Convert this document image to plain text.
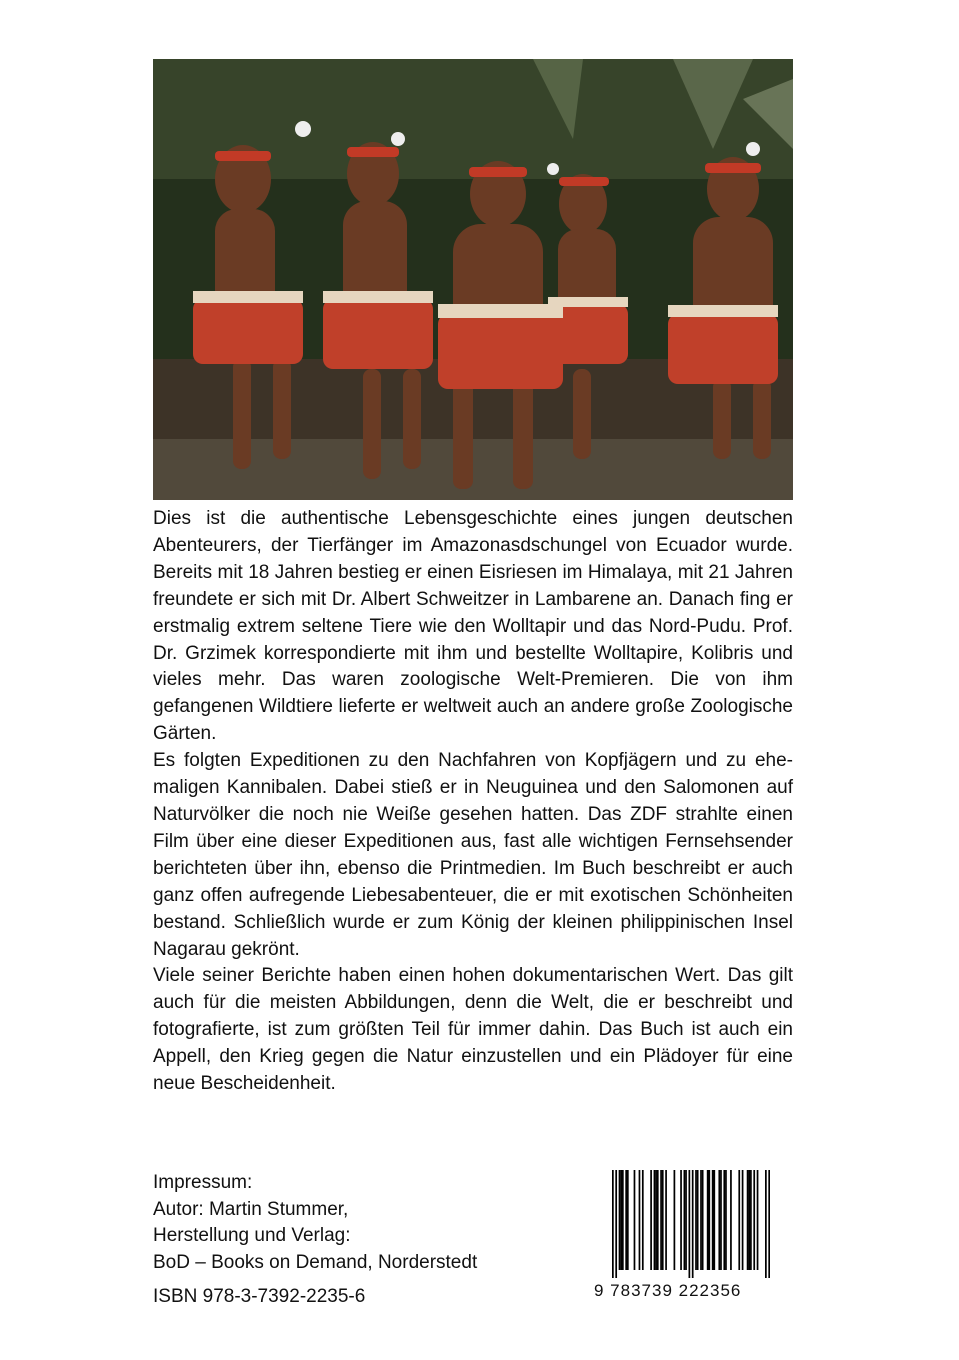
Dies ist die authentische Lebensgeschichte eines jungen deutschen Abenteurers, der Tierfänger im Amazonasdschungel von Ecuador wurde. Bereits mit 18 Jahren bestieg er einen Eisriesen im Himalaya, mit 21 Jahren freundete er sich mit Dr. Albert Schweitzer in Lambarene an. Danach fing er erstmalig extrem seltene Tiere wie den Wolltapir und das Nord-Pudu. Prof. Dr. Grzimek korrespondierte mit ihm und bestellte Wolltapire, Kolibris und vieles mehr. Das waren zoologische Welt-Premieren. Die von ihm gefangenen Wildtiere lieferte er weltweit auch an andere große Zoologische Gärten.

Es folgten Expeditionen zu den Nachfahren von Kopfjägern und zu ehemaligen Kannibalen. Dabei stieß er in Neuguinea und den Salomonen auf Naturvölker die noch nie Weiße gesehen hatten. Das ZDF strahlte einen Film über eine dieser Expeditionen aus, fast alle wichtigen Fernsehsender berichteten über ihn, ebenso die Printmedien. Im Buch beschreibt er auch ganz offen aufregende Liebesabenteuer, die er mit exotischen Schönheiten bestand. Schließlich wurde er zum König der kleinen philippinischen Insel Nagarau gekrönt.

Viele seiner Berichte haben einen hohen dokumentarischen Wert. Das gilt auch für die meisten Abbildungen, denn die Welt, die er beschreibt und fotografierte, ist zum größten Teil für immer dahin. Das Buch ist auch ein Appell, den Krieg gegen die Natur einzustellen und ein Plädoyer für eine neue Bescheidenheit.

Impressum:
Autor: Martin Stummer,
Herstellung und Verlag:
BoD – Books on Demand, Norderstedt
ISBN 978-3-7392-2235-6	9 783739 222356
